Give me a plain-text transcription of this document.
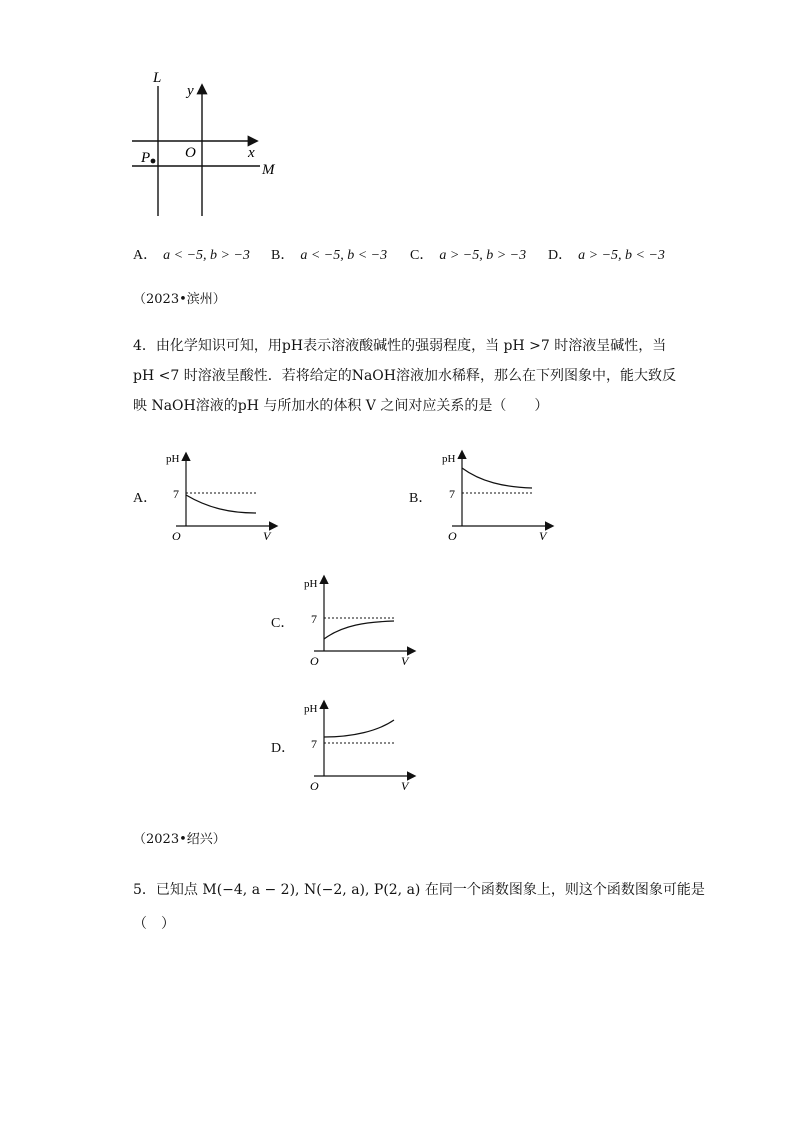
L
y
O	x
P
M
A． a < −5, b > −3 B． a < −5, b < −3 C． a > −5, b > −3 D． a > −5, b < −3
（2023•滨州）
4．由化学知识可知，用pH表示溶液酸碱性的强弱程度，当 pH >7 时溶液呈碱性，当
pH <7 时溶液呈酸性．若将给定的NaOH溶液加水稀释，那么在下列图象中，能大致反
映 NaOH溶液的pH 与所加水的体积 V 之间对应关系的是（　　）
A．
pH
7
O	V
B．
pH
7
O	V
C．
pH
7
O	V
D．
pH
7
O	V
（2023•绍兴）
5．已知点 M(−4, a − 2), N(−2, a), P(2, a) 在同一个函数图象上，则这个函数图象可能是
（　）
